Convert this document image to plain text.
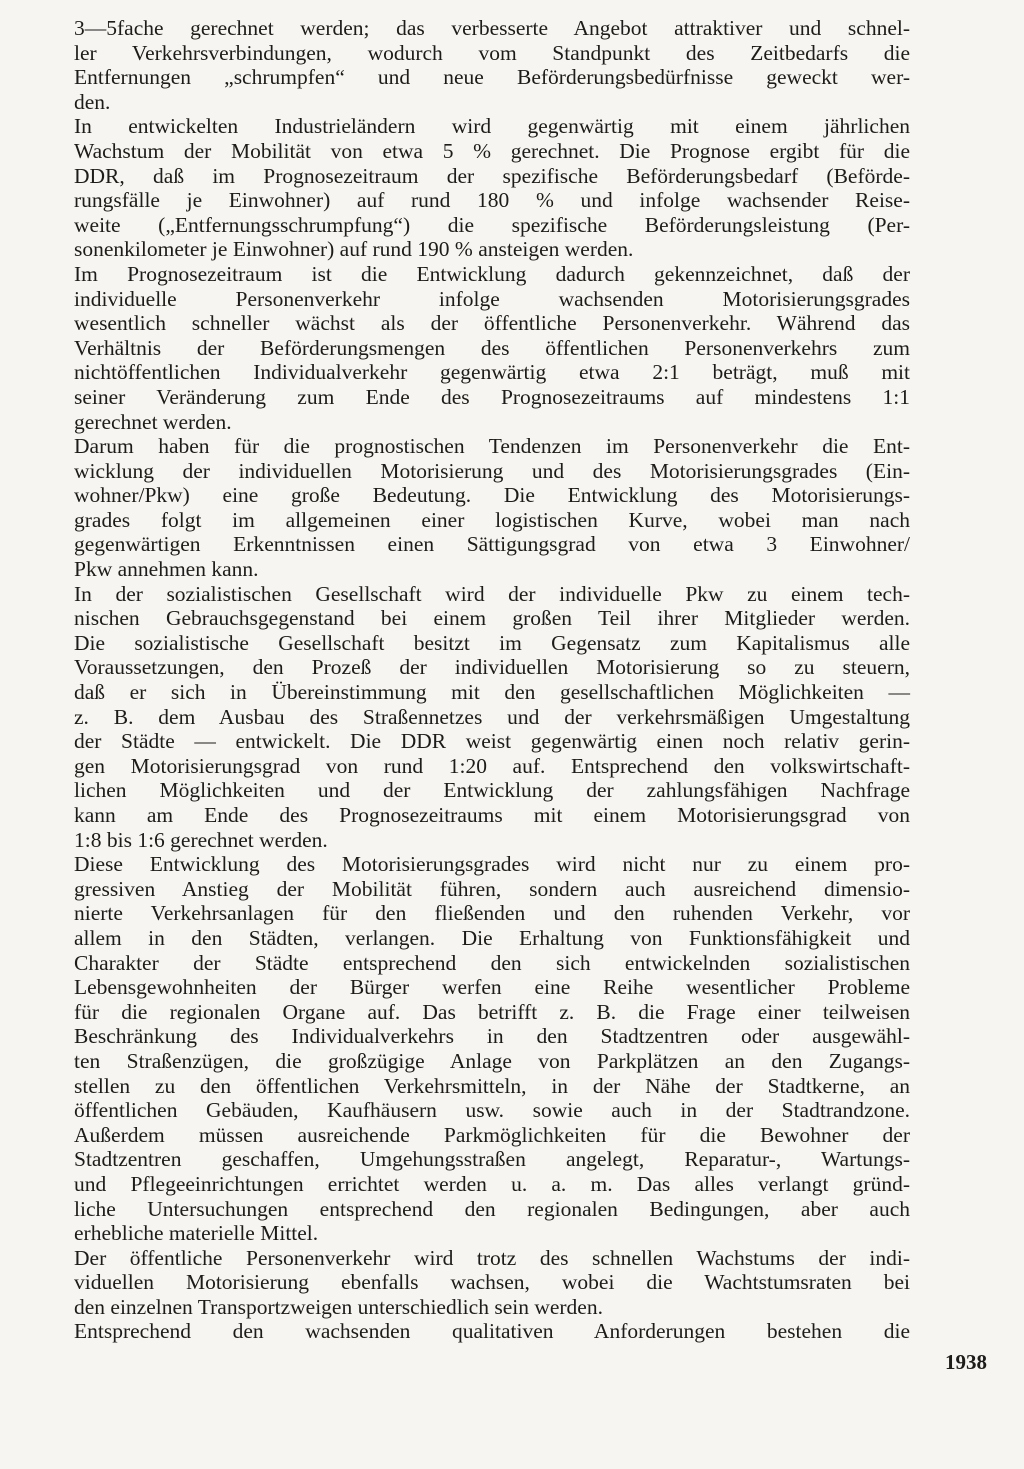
3—5fache gerechnet werden; das verbesserte Angebot attraktiver und schnel-
ler Verkehrsverbindungen, wodurch vom Standpunkt des Zeitbedarfs die
Entfernungen „schrumpfen“ und neue Beförderungsbedürfnisse geweckt wer-
den.
In entwickelten Industrieländern wird gegenwärtig mit einem jährlichen
Wachstum der Mobilität von etwa 5 % gerechnet. Die Prognose ergibt für die
DDR, daß im Prognosezeitraum der spezifische Beförderungsbedarf (Beförde-
rungsfälle je Einwohner) auf rund 180 % und infolge wachsender Reise-
weite („Entfernungsschrumpfung“) die spezifische Beförderungsleistung (Per-
sonenkilometer je Einwohner) auf rund 190 % ansteigen werden.
Im Prognosezeitraum ist die Entwicklung dadurch gekennzeichnet, daß der
individuelle Personenverkehr infolge wachsenden Motorisierungsgrades
wesentlich schneller wächst als der öffentliche Personenverkehr. Während das
Verhältnis der Beförderungsmengen des öffentlichen Personenverkehrs zum
nichtöffentlichen Individualverkehr gegenwärtig etwa 2:1 beträgt, muß mit
seiner Veränderung zum Ende des Prognosezeitraums auf mindestens 1:1
gerechnet werden.
Darum haben für die prognostischen Tendenzen im Personenverkehr die Ent-
wicklung der individuellen Motorisierung und des Motorisierungsgrades (Ein-
wohner/Pkw) eine große Bedeutung. Die Entwicklung des Motorisierungs-
grades folgt im allgemeinen einer logistischen Kurve, wobei man nach
gegenwärtigen Erkenntnissen einen Sättigungsgrad von etwa 3 Einwohner/
Pkw annehmen kann.
In der sozialistischen Gesellschaft wird der individuelle Pkw zu einem tech-
nischen Gebrauchsgegenstand bei einem großen Teil ihrer Mitglieder werden.
Die sozialistische Gesellschaft besitzt im Gegensatz zum Kapitalismus alle
Voraussetzungen, den Prozeß der individuellen Motorisierung so zu steuern,
daß er sich in Übereinstimmung mit den gesellschaftlichen Möglichkeiten —
z. B. dem Ausbau des Straßennetzes und der verkehrsmäßigen Umgestaltung
der Städte — entwickelt. Die DDR weist gegenwärtig einen noch relativ gerin-
gen Motorisierungsgrad von rund 1:20 auf. Entsprechend den volkswirtschaft-
lichen Möglichkeiten und der Entwicklung der zahlungsfähigen Nachfrage
kann am Ende des Prognosezeitraums mit einem Motorisierungsgrad von
1:8 bis 1:6 gerechnet werden.
Diese Entwicklung des Motorisierungsgrades wird nicht nur zu einem pro-
gressiven Anstieg der Mobilität führen, sondern auch ausreichend dimensio-
nierte Verkehrsanlagen für den fließenden und den ruhenden Verkehr, vor
allem in den Städten, verlangen. Die Erhaltung von Funktionsfähigkeit und
Charakter der Städte entsprechend den sich entwickelnden sozialistischen
Lebensgewohnheiten der Bürger werfen eine Reihe wesentlicher Probleme
für die regionalen Organe auf. Das betrifft z. B. die Frage einer teilweisen
Beschränkung des Individualverkehrs in den Stadtzentren oder ausgewähl-
ten Straßenzügen, die großzügige Anlage von Parkplätzen an den Zugangs-
stellen zu den öffentlichen Verkehrsmitteln, in der Nähe der Stadtkerne, an
öffentlichen Gebäuden, Kaufhäusern usw. sowie auch in der Stadtrandzone.
Außerdem müssen ausreichende Parkmöglichkeiten für die Bewohner der
Stadtzentren geschaffen, Umgehungsstraßen angelegt, Reparatur-, Wartungs-
und Pflegeeinrichtungen errichtet werden u. a. m. Das alles verlangt gründ-
liche Untersuchungen entsprechend den regionalen Bedingungen, aber auch
erhebliche materielle Mittel.
Der öffentliche Personenverkehr wird trotz des schnellen Wachstums der indi-
viduellen Motorisierung ebenfalls wachsen, wobei die Wachtstumsraten bei
den einzelnen Transportzweigen unterschiedlich sein werden.
Entsprechend den wachsenden qualitativen Anforderungen bestehen die
1938
